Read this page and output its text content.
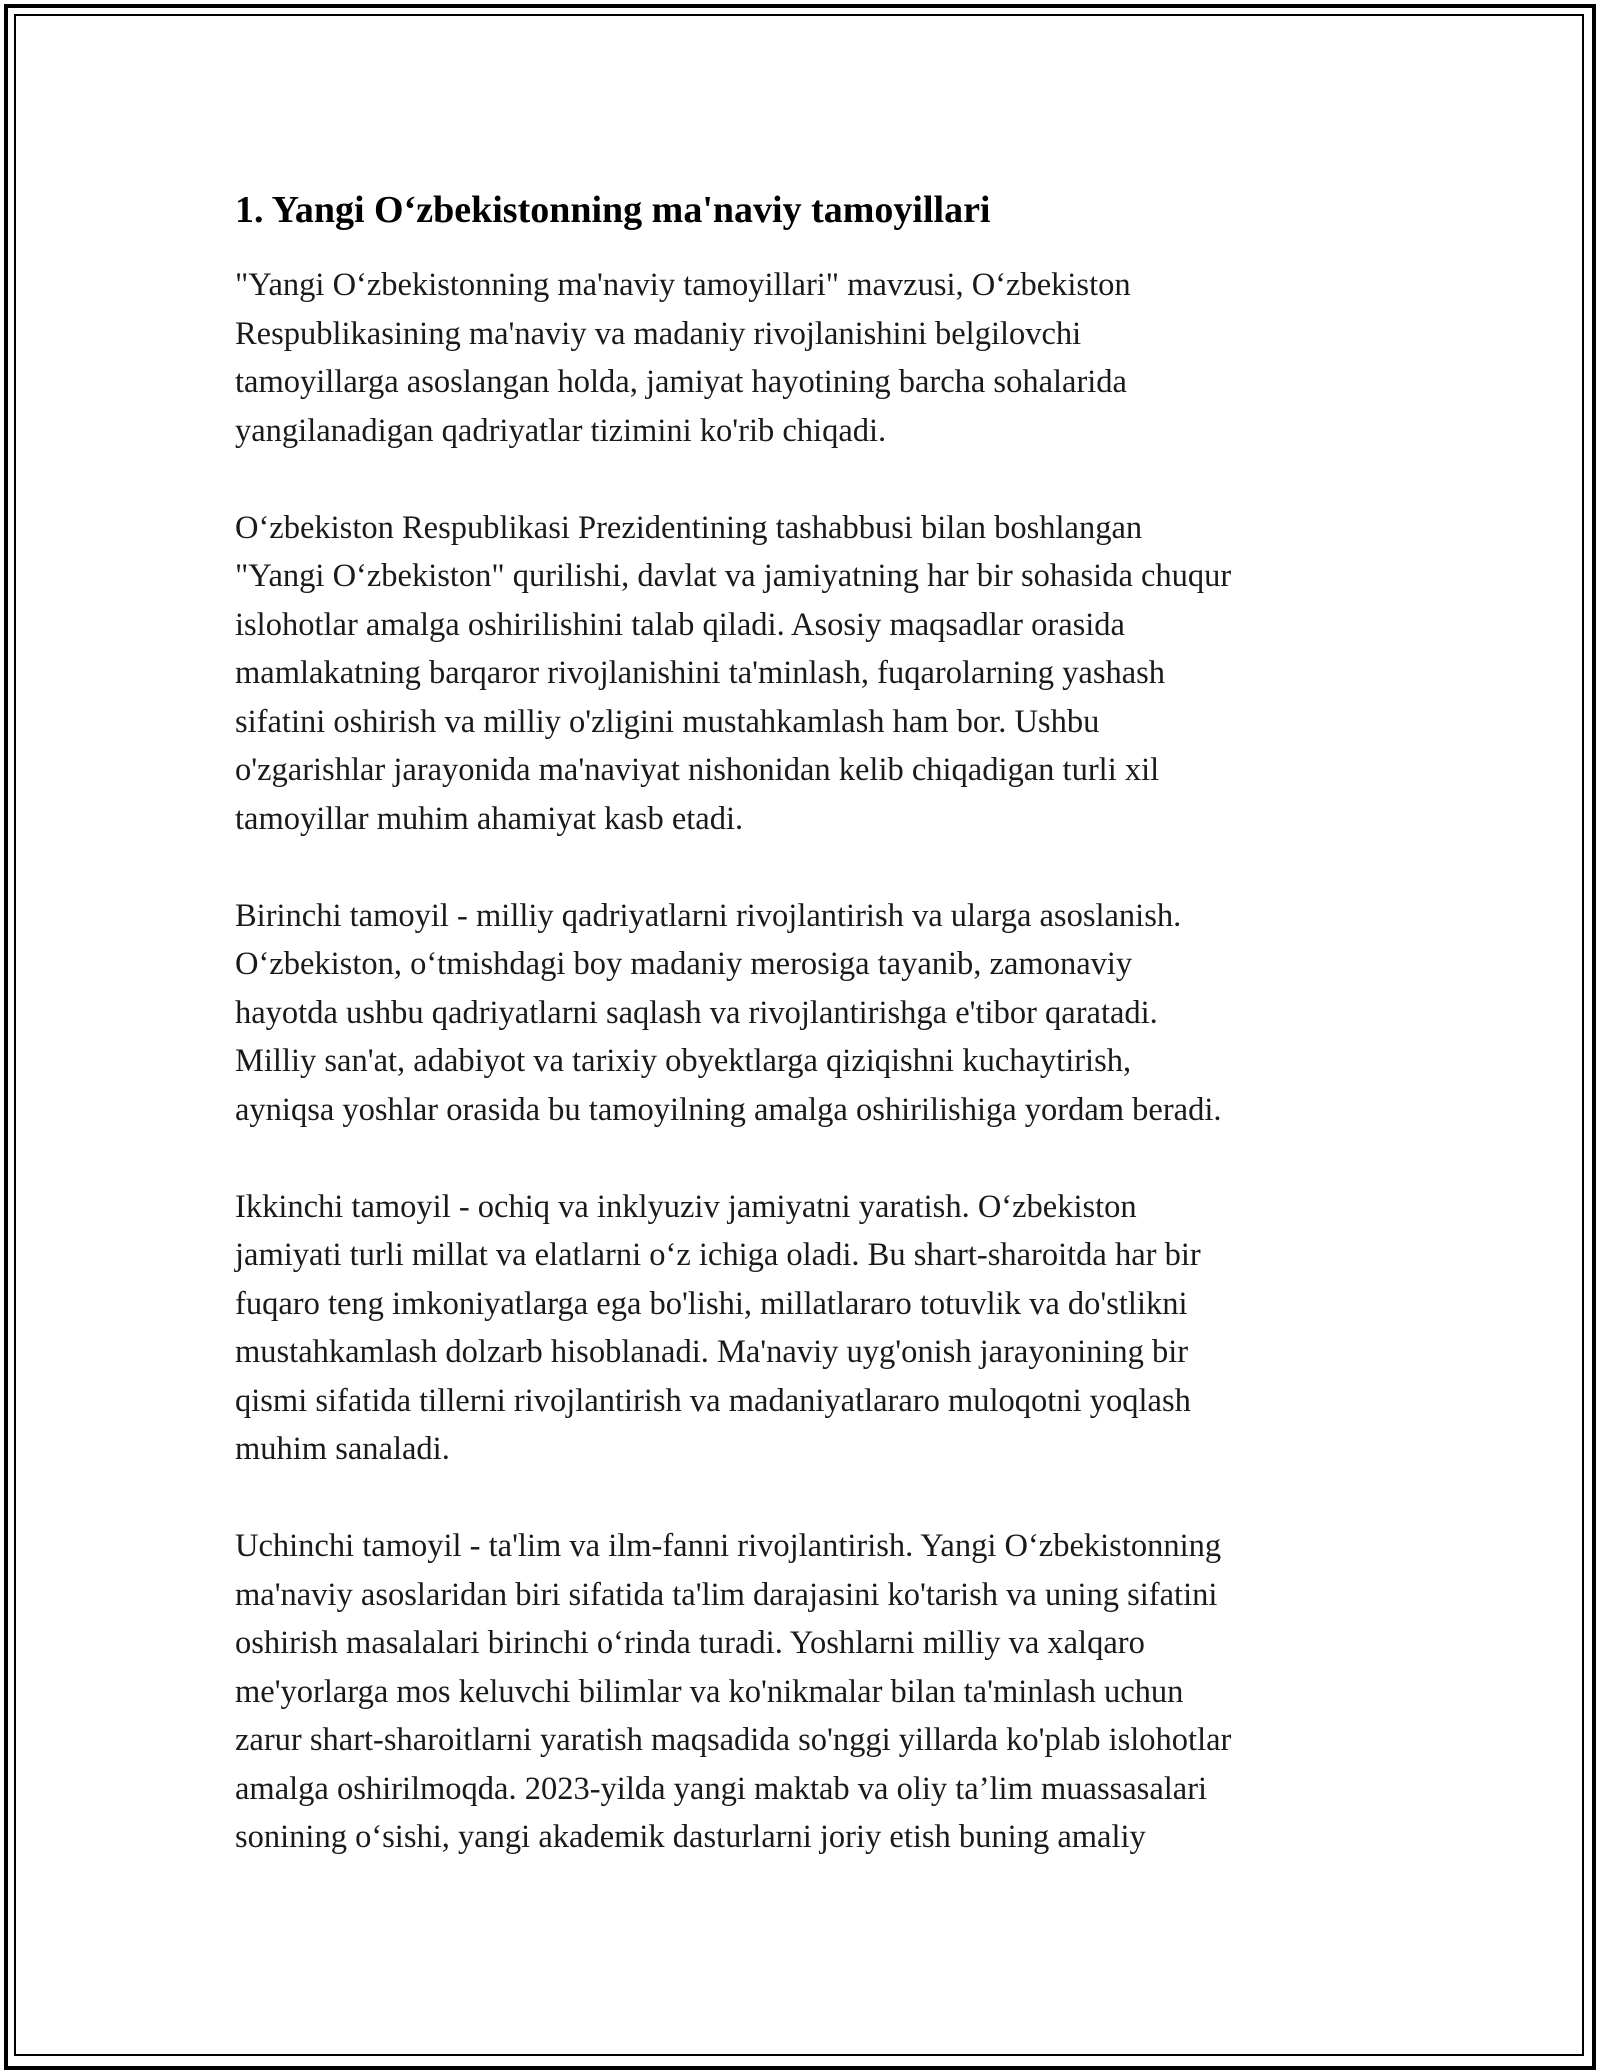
1. Yangi O‘zbekistonning ma'naviy tamoyillari
"Yangi O‘zbekistonning ma'naviy tamoyillari" mavzusi, O‘zbekiston
Respublikasining ma'naviy va madaniy rivojlanishini belgilovchi
tamoyillarga asoslangan holda, jamiyat hayotining barcha sohalarida
yangilanadigan qadriyatlar tizimini ko'rib chiqadi.
O‘zbekiston Respublikasi Prezidentining tashabbusi bilan boshlangan
"Yangi O‘zbekiston" qurilishi, davlat va jamiyatning har bir sohasida chuqur
islohotlar amalga oshirilishini talab qiladi. Asosiy maqsadlar orasida
mamlakatning barqaror rivojlanishini ta'minlash, fuqarolarning yashash
sifatini oshirish va milliy o'zligini mustahkamlash ham bor. Ushbu
o'zgarishlar jarayonida ma'naviyat nishonidan kelib chiqadigan turli xil
tamoyillar muhim ahamiyat kasb etadi.
Birinchi tamoyil - milliy qadriyatlarni rivojlantirish va ularga asoslanish.
O‘zbekiston, o‘tmishdagi boy madaniy merosiga tayanib, zamonaviy
hayotda ushbu qadriyatlarni saqlash va rivojlantirishga e'tibor qaratadi.
Milliy san'at, adabiyot va tarixiy obyektlarga qiziqishni kuchaytirish,
ayniqsa yoshlar orasida bu tamoyilning amalga oshirilishiga yordam beradi.
Ikkinchi tamoyil - ochiq va inklyuziv jamiyatni yaratish. O‘zbekiston
jamiyati turli millat va elatlarni o‘z ichiga oladi. Bu shart-sharoitda har bir
fuqaro teng imkoniyatlarga ega bo'lishi, millatlararo totuvlik va do'stlikni
mustahkamlash dolzarb hisoblanadi. Ma'naviy uyg'onish jarayonining bir
qismi sifatida tillerni rivojlantirish va madaniyatlararo muloqotni yoqlash
muhim sanaladi.
Uchinchi tamoyil - ta'lim va ilm-fanni rivojlantirish. Yangi O‘zbekistonning
ma'naviy asoslaridan biri sifatida ta'lim darajasini ko'tarish va uning sifatini
oshirish masalalari birinchi o‘rinda turadi. Yoshlarni milliy va xalqaro
me'yorlarga mos keluvchi bilimlar va ko'nikmalar bilan ta'minlash uchun
zarur shart-sharoitlarni yaratish maqsadida so'nggi yillarda ko'plab islohotlar
amalga oshirilmoqda. 2023-yilda yangi maktab va oliy ta’lim muassasalari
sonining o‘sishi, yangi akademik dasturlarni joriy etish buning amaliy
